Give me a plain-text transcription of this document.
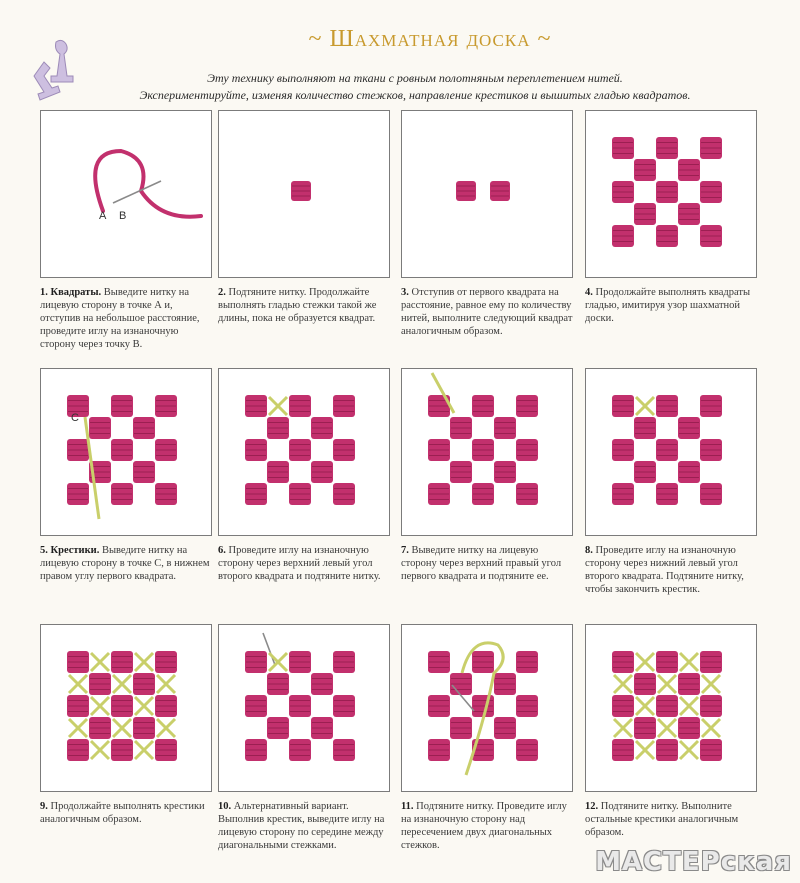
~ Шахматная доска ~
Эту технику выполняют на ткани с ровным полотняным переплетением нитей.
Экспериментируйте, изменяя количество стежков, направление крестиков и вышитых гладью квадратов.
A B
1. Квадраты. Выведите нитку на лицевую сторону в точке А и, отступив на небольшое расстояние, проведите иглу на изнаночную сторону через точку В.
2. Подтяните нитку. Продолжайте выполнять гладью стежки такой же длины, пока не образуется квадрат.
3. Отступив от первого квадрата на расстояние, равное ему по количеству нитей, выполните следующий квадрат аналогичным образом.
4. Продолжайте выполнять квадраты гладью, имитируя узор шахматной доски.
C
5. Крестики. Выведите нитку на лицевую сторону в точке С, в нижнем правом углу первого квадрата.
6. Проведите иглу на изнаночную сторону через верхний левый угол второго квадрата и подтяните нитку.
7. Выведите нитку на лицевую сторону через верхний правый угол первого квадрата и подтяните ее.
8. Проведите иглу на изнаночную сторону через нижний левый угол второго квадрата. Подтяните нитку, чтобы закончить крестик.
9. Продолжайте выполнять крестики аналогичным образом.
10. Альтернативный вариант. Выполнив крестик, выведите иглу на лицевую сторону по середине между диагональными стежками.
11. Подтяните нитку. Проведите иглу на изнаночную сторону над пересечением двух диагональных стежков.
12. Подтяните нитку. Выполните остальные крестики аналогичным образом.
МАСТЕРская
